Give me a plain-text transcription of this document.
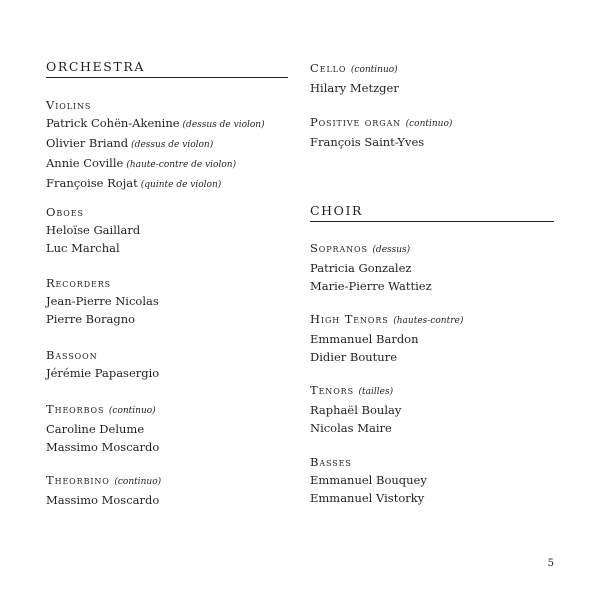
ORCHESTRA
Violins
Patrick Cohën-Akenine (dessus de violon)
Olivier Briand (dessus de violon)
Annie Coville (haute-contre de violon)
Françoise Rojat (quinte de violon)
Oboes
Heloïse Gaillard
Luc Marchal
Recorders
Jean-Pierre Nicolas
Pierre Boragno
Bassoon
Jérémie Papasergio
Theorbos (continuo)
Caroline Delume
Massimo Moscardo
Theorbino (continuo)
Massimo Moscardo
Cello (continuo)
Hilary Metzger
Positive organ (continuo)
François Saint-Yves
CHOIR
Sopranos (dessus)
Patricia Gonzalez
Marie-Pierre Wattiez
High Tenors (hautes-contre)
Emmanuel Bardon
Didier Bouture
Tenors (tailles)
Raphaël Boulay
Nicolas Maire
Basses
Emmanuel Bouquey
Emmanuel Vistorky
5
